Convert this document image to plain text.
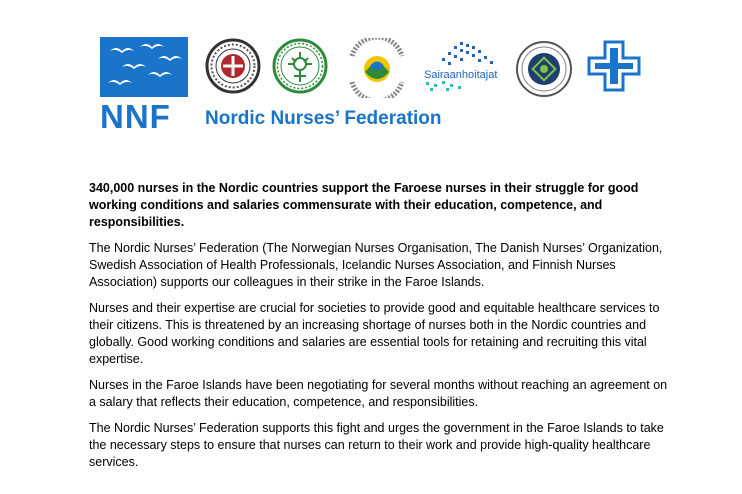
NNF Nordic Nurses’ Federation
Sairaanhoitajat

340,000 nurses in the Nordic countries support the Faroese nurses in their struggle for good working conditions and salaries commensurate with their education, competence, and responsibilities.

The Nordic Nurses’ Federation (The Norwegian Nurses Organisation, The Danish Nurses’ Organization, Swedish Association of Health Professionals, Icelandic Nurses Association, and Finnish Nurses Association) supports our colleagues in their strike in the Faroe Islands.

Nurses and their expertise are crucial for societies to provide good and equitable healthcare services to their citizens. This is threatened by an increasing shortage of nurses both in the Nordic countries and globally. Good working conditions and salaries are essential tools for retaining and recruiting this vital expertise.

Nurses in the Faroe Islands have been negotiating for several months without reaching an agreement on a salary that reflects their education, competence, and responsibilities.

The Nordic Nurses’ Federation supports this fight and urges the government in the Faroe Islands to take the necessary steps to ensure that nurses can return to their work and provide high-quality healthcare services.
